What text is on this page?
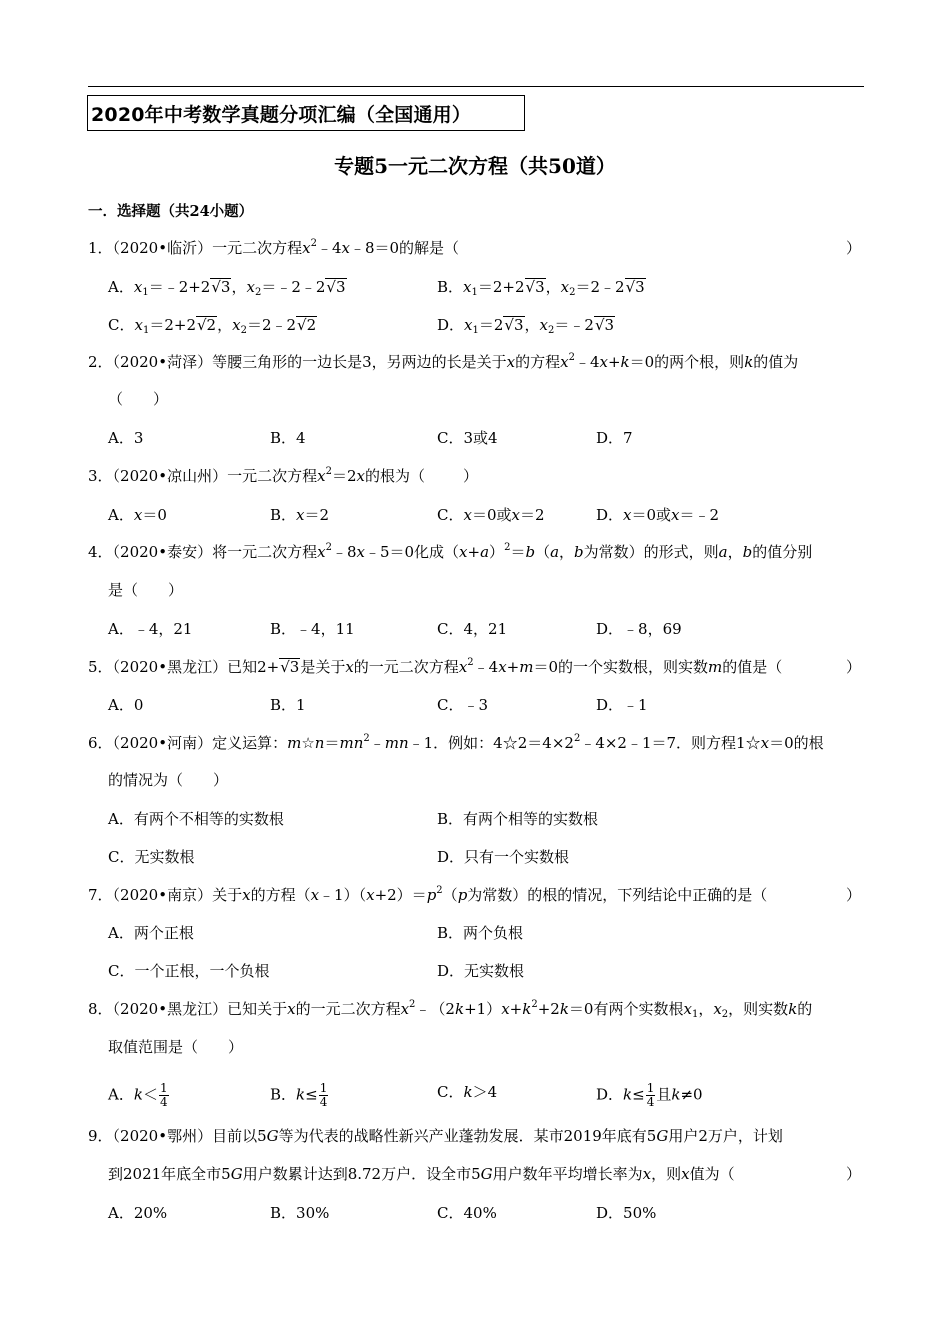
2020年中考数学真题分项汇编（全国通用）
专题5一元二次方程（共50道）
一．选择题（共24小题）
1．（2020•临沂）一元二次方程$x^2﹣4x﹣8=0$的解是（	）
A．$x_1=﹣2+2√3$，$x_2=﹣2﹣2√3$	B．$x_1=2+2√3$，$x_2=2﹣2√3$
C．$x_1=2+2√2$，$x_2=2﹣2√2$	D．$x_1=2√3$，$x_2=﹣2√3$
2．（2020•菏泽）等腰三角形的一边长是3，另两边的长是关于x的方程$x^2﹣4x+k=0$的两个根，则k的值为
（　　）
A．3	B．4	C．3或4	D．7
3．（2020•凉山州）一元二次方程$x^2=2x$的根为（	）
A．x＝0	B．x＝2	C．x＝0或x＝2	D．x＝0或x＝﹣2
4．（2020•泰安）将一元二次方程$x^2﹣8x﹣5=0$化成$(x+a)^2=b(a$，b为常数）的形式，则a，b的值分别
是（　　）
A．﹣4，21	B．﹣4，11	C．4，21	D．﹣8，69
5．（2020•黑龙江）已知2+√3是关于x的一元二次方程$x^2﹣4x+m=0$的一个实数根，则实数m的值是（	）
A．0	B．1	C．﹣3	D．﹣1
6．（2020•河南）定义运算：$m☆n=mn^2﹣mn﹣1$．例如：$4☆2=4\times 2^2﹣4\times 2﹣1=7$．则方程1☆x＝0的根
的情况为（　　）
A．有两个不相等的实数根	B．有两个相等的实数根
C．无实数根	D．只有一个实数根
7．（2020•南京）关于x的方程$(x﹣1)(x+2)=p^2(p$为常数）的根的情况，下列结论中正确的是（	）
A．两个正根	B．两个负根
C．一个正根，一个负根	D．无实数根
8．（2020•黑龙江）已知关于x的一元二次方程$x^2﹣(2k+1)x+k^2+2k=0$有两个实数根$x_1$，$x_2$，则实数k的
取值范围是（　　）
A．$k< \frac{1}{4}$	B．$k\le \frac{1}{4}$	C．k＞4	D．$k\le \frac{1}{4}$ 且k≠0
9．（2020•鄂州）目前以5G等为代表的战略性新兴产业蓬勃发展．某市2019年底有5G用户2万户，计划
到2021年底全市5G用户数累计达到8.72万户．设全市5G用户数年平均增长率为x，则x值为（	）
A．20%	B．30%	C．40%	D．50%
